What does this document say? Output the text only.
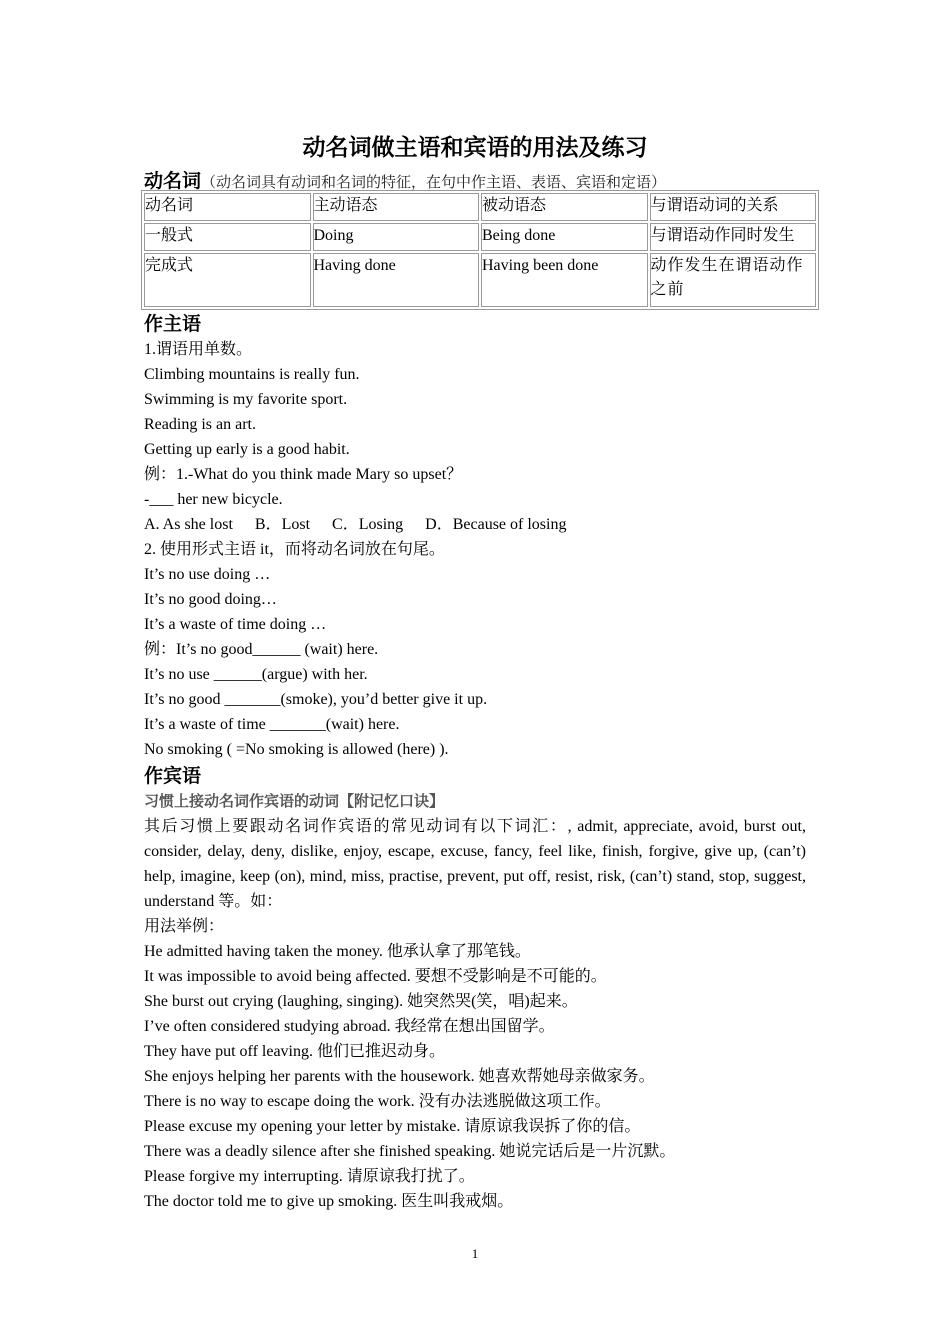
动名词做主语和宾语的用法及练习
动名词（动名词具有动词和名词的特征，在句中作主语、表语、宾语和定语）
动名词	主动语态	被动语态	与谓语动词的关系
一般式	Doing	Being done	与谓语动作同时发生
完成式	Having done	Having been done	动作发生在谓语动作之前
作主语
1.谓语用单数。
Climbing mountains is really fun.
Swimming is my favorite sport.
Reading is an art.
Getting up early is a good habit.
例：1.-What do you think made Mary so upset？
-___ her new bicycle.
A. As she lost B．Lost C．Losing D．Because of losing
2. 使用形式主语 it，而将动名词放在句尾。
It’s no use doing …
It’s no good doing…
It’s a waste of time doing …
例：It’s no good______ (wait) here.
It’s no use ______(argue) with her.
It’s no good _______(smoke), you’d better give it up.
It’s a waste of time _______(wait) here.
No smoking ( =No smoking is allowed (here) ).
作宾语
习惯上接动名词作宾语的动词【附记忆口诀】
其后习惯上要跟动名词作宾语的常见动词有以下词汇：, admit, appreciate, avoid, burst out, consider, delay, deny, dislike, enjoy, escape, excuse, fancy, feel like, finish, forgive, give up, (can’t) help, imagine, keep (on), mind, miss, practise, prevent, put off, resist, risk, (can’t) stand, stop, suggest, understand 等。如：
用法举例：
He admitted having taken the money. 他承认拿了那笔钱。
It was impossible to avoid being affected. 要想不受影响是不可能的。
She burst out crying (laughing, singing). 她突然哭(笑，唱)起来。
I’ve often considered studying abroad. 我经常在想出国留学。
They have put off leaving. 他们已推迟动身。
She enjoys helping her parents with the housework. 她喜欢帮她母亲做家务。
There is no way to escape doing the work. 没有办法逃脱做这项工作。
Please excuse my opening your letter by mistake. 请原谅我误拆了你的信。
There was a deadly silence after she finished speaking. 她说完话后是一片沉默。
Please forgive my interrupting. 请原谅我打扰了。
The doctor told me to give up smoking. 医生叫我戒烟。
1
